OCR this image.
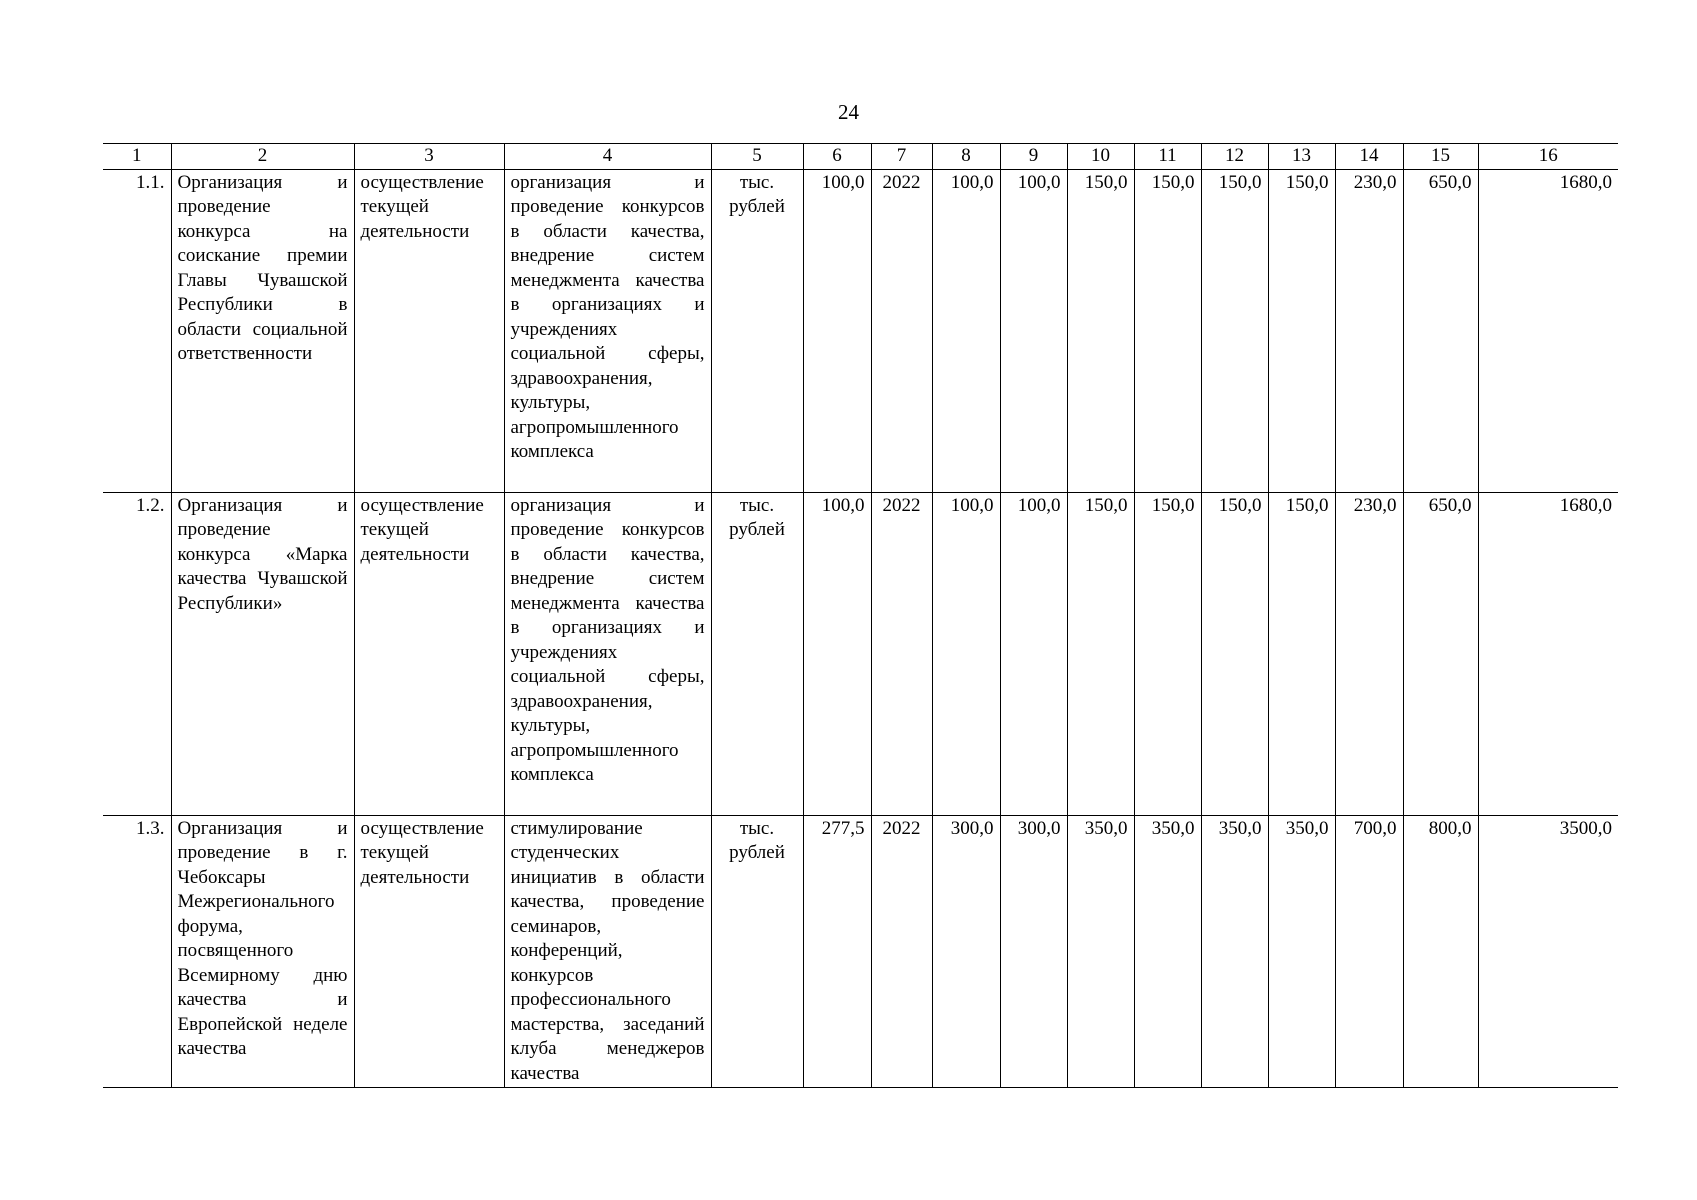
24
1	2	3	4	5	6	7	8	9	10	11	12	13	14	15	16
1.1.	Организация и проведение конкурса на соискание премии Главы Чувашской Республики в области социальной ответственности	осуществление текущей деятельности	организация и проведение конкурсов в области качества, внедрение систем менеджмента качества в организациях и учреждениях социальной сферы, здравоохранения, культуры, агропромышленного комплекса	тыс. рублей	100,0	2022	100,0	100,0	150,0	150,0	150,0	150,0	230,0	650,0	1680,0
1.2.	Организация и проведение конкурса «Марка качества Чувашской Республики»	осуществление текущей деятельности	организация и проведение конкурсов в области качества, внедрение систем менеджмента качества в организациях и учреждениях социальной сферы, здравоохранения, культуры, агропромышленного комплекса	тыс. рублей	100,0	2022	100,0	100,0	150,0	150,0	150,0	150,0	230,0	650,0	1680,0
1.3.	Организация и проведение в г. Чебоксары Межрегионального форума, посвященного Всемирному дню качества и Европейской неделе качества	осуществление текущей деятельности	стимулирование студенческих инициатив в области качества, проведение семинаров, конференций, конкурсов профессионального мастерства, заседаний клуба менеджеров качества	тыс. рублей	277,5	2022	300,0	300,0	350,0	350,0	350,0	350,0	700,0	800,0	3500,0
